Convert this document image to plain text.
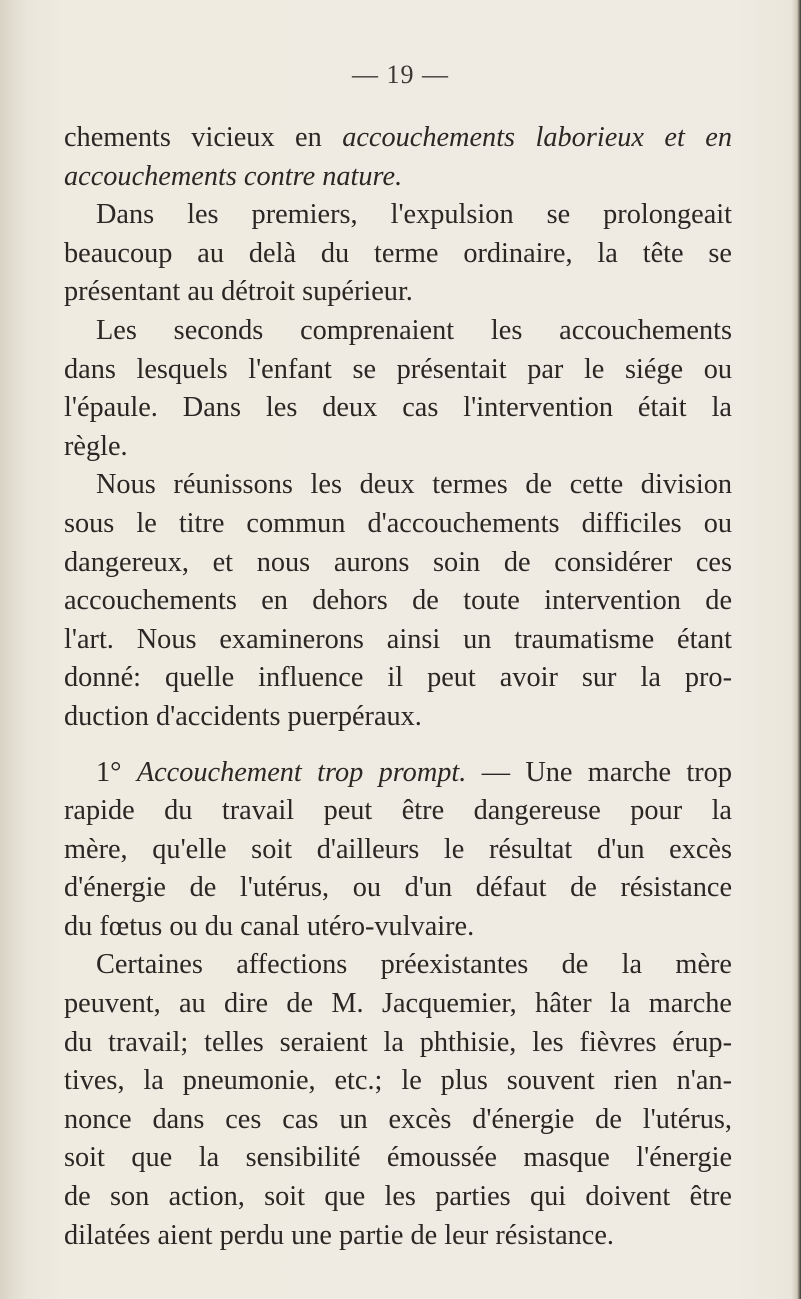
— 19 —
chements vicieux en accouchements laborieux et en
accouchements contre nature.
Dans les premiers, l'expulsion se prolongeait
beaucoup au delà du terme ordinaire, la tête se
présentant au détroit supérieur.
Les seconds comprenaient les accouchements
dans lesquels l'enfant se présentait par le siége ou
l'épaule. Dans les deux cas l'intervention était la
règle.
Nous réunissons les deux termes de cette division
sous le titre commun d'accouchements difficiles ou
dangereux, et nous aurons soin de considérer ces
accouchements en dehors de toute intervention de
l'art. Nous examinerons ainsi un traumatisme étant
donné: quelle influence il peut avoir sur la pro-
duction d'accidents puerpéraux.
1° Accouchement trop prompt. — Une marche trop
rapide du travail peut être dangereuse pour la
mère, qu'elle soit d'ailleurs le résultat d'un excès
d'énergie de l'utérus, ou d'un défaut de résistance
du fœtus ou du canal utéro-vulvaire.
Certaines affections préexistantes de la mère
peuvent, au dire de M. Jacquemier, hâter la marche
du travail; telles seraient la phthisie, les fièvres érup-
tives, la pneumonie, etc.; le plus souvent rien n'an-
nonce dans ces cas un excès d'énergie de l'utérus,
soit que la sensibilité émoussée masque l'énergie
de son action, soit que les parties qui doivent être
dilatées aient perdu une partie de leur résistance.
